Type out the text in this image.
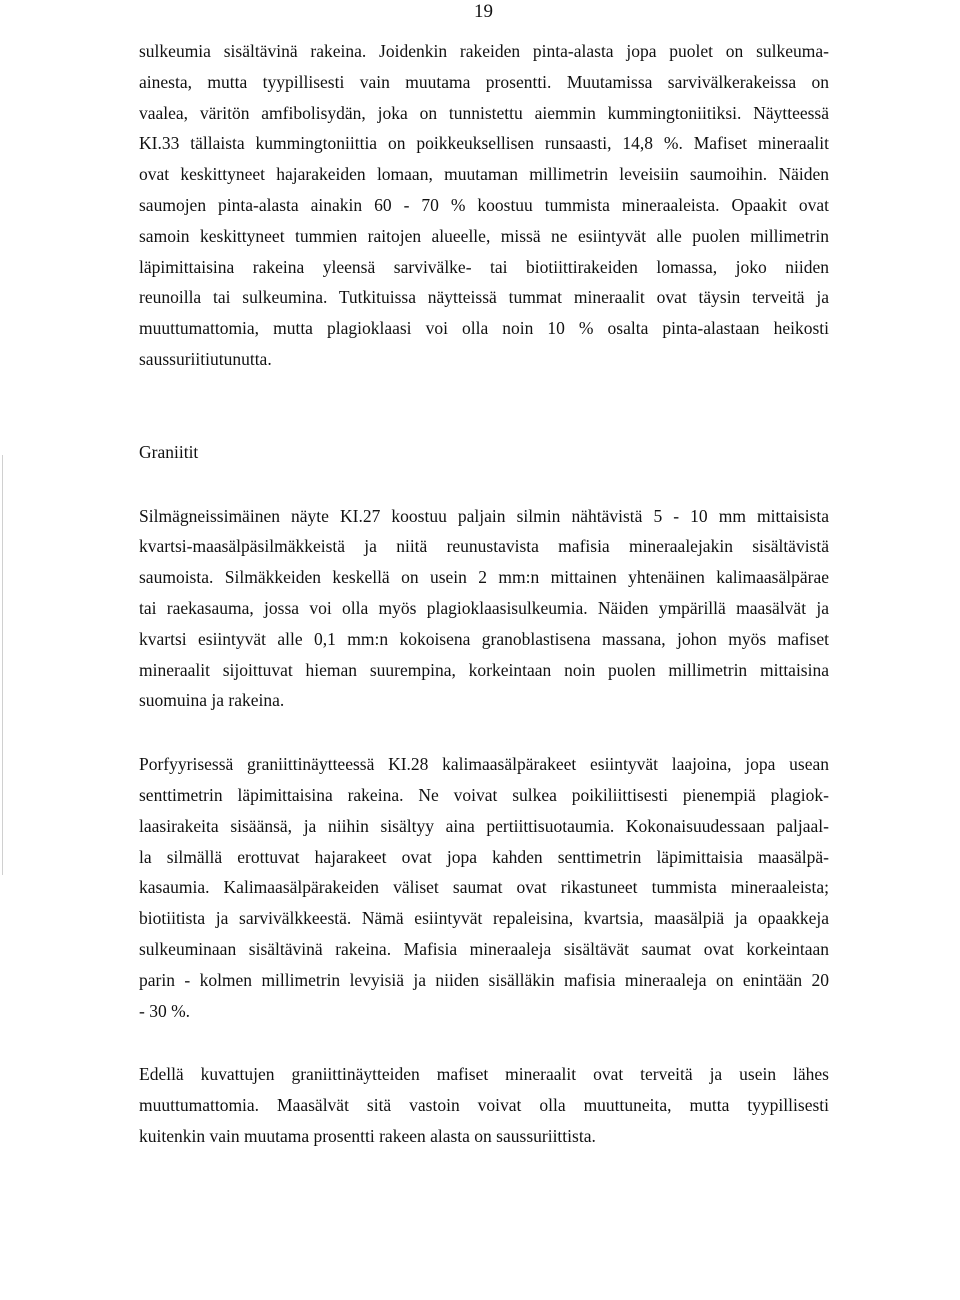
19

sulkeumia sisältävinä rakeina. Joidenkin rakeiden pinta-alasta jopa puolet on sulkeuma-
ainesta, mutta tyypillisesti vain muutama prosentti. Muutamissa sarvivälkerakeissa on
vaalea, väritön amfibolisydän, joka on tunnistettu aiemmin kummingtoniitiksi. Näytteessä
KI.33 tällaista kummingtoniittia on poikkeuksellisen runsaasti, 14,8 %. Mafiset mineraalit
ovat keskittyneet hajarakeiden lomaan, muutaman millimetrin leveisiin saumoihin. Näiden
saumojen pinta-alasta ainakin 60 - 70 % koostuu tummista mineraaleista. Opaakit ovat
samoin keskittyneet tummien raitojen alueelle, missä ne esiintyvät alle puolen millimetrin
läpimittaisina rakeina yleensä sarvivälke- tai biotiittirakeiden lomassa, joko niiden
reunoilla tai sulkeumina. Tutkituissa näytteissä tummat mineraalit ovat täysin terveitä ja
muuttumattomia, mutta plagioklaasi voi olla noin 10 % osalta pinta-alastaan heikosti
saussuriitiutunutta.

Graniitit

Silmägneissimäinen näyte KI.27 koostuu paljain silmin nähtävistä 5 - 10 mm mittaisista
kvartsi-maasälpäsilmäkkeistä ja niitä reunustavista mafisia mineraalejakin sisältävistä
saumoista. Silmäkkeiden keskellä on usein 2 mm:n mittainen yhtenäinen kalimaasälpärae
tai raekasauma, jossa voi olla myös plagioklaasisulkeumia. Näiden ympärillä maasälvät ja
kvartsi esiintyvät alle 0,1 mm:n kokoisena granoblastisena massana, johon myös mafiset
mineraalit sijoittuvat hieman suurempina, korkeintaan noin puolen millimetrin mittaisina
suomuina ja rakeina.

Porfyyrisessä graniittinäytteessä KI.28 kalimaasälpärakeet esiintyvät laajoina, jopa usean
senttimetrin läpimittaisina rakeina. Ne voivat sulkea poikiliittisesti pienempiä plagiok-
laasirakeita sisäänsä, ja niihin sisältyy aina pertiittisuotaumia. Kokonaisuudessaan paljaal-
la silmällä erottuvat hajarakeet ovat jopa kahden senttimetrin läpimittaisia maasälpä-
kasaumia. Kalimaasälpärakeiden väliset saumat ovat rikastuneet tummista mineraaleista;
biotiitista ja sarvivälkkeestä. Nämä esiintyvät repaleisina, kvartsia, maasälpiä ja opaakkeja
sulkeuminaan sisältävinä rakeina. Mafisia mineraaleja sisältävät saumat ovat korkeintaan
parin - kolmen millimetrin levyisiä ja niiden sisälläkin mafisia mineraaleja on enintään 20
- 30 %.

Edellä kuvattujen graniittinäytteiden mafiset mineraalit ovat terveitä ja usein lähes
muuttumattomia. Maasälvät sitä vastoin voivat olla muuttuneita, mutta tyypillisesti
kuitenkin vain muutama prosentti rakeen alasta on saussuriittista.
